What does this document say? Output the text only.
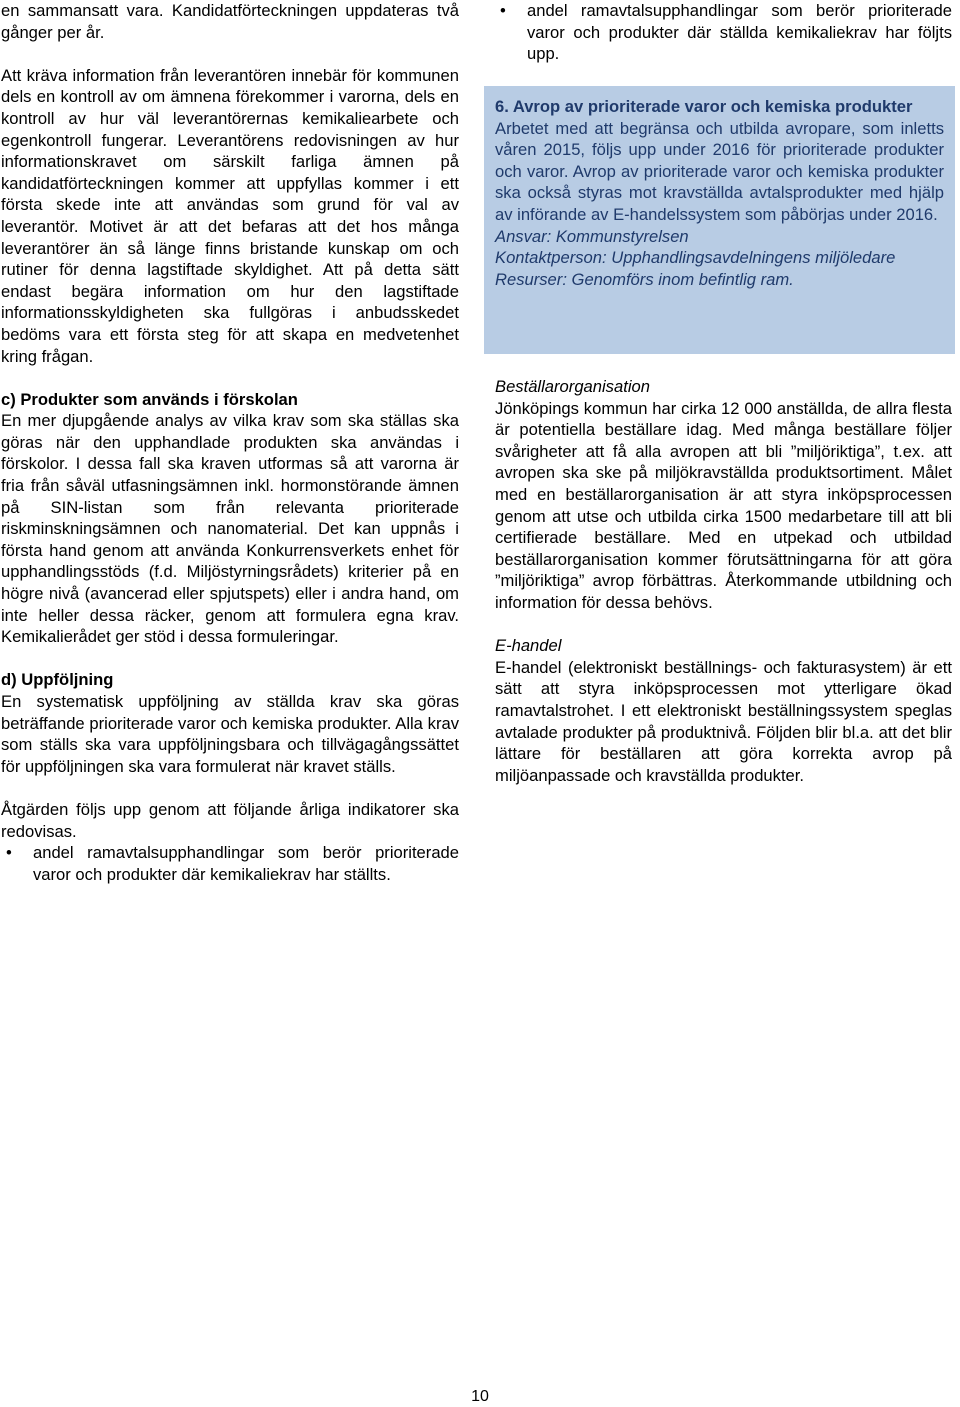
en sammansatt vara. Kandidatförteckningen uppdateras två gånger per år.

Att kräva information från leverantören innebär för kommunen dels en kontroll av om ämnena förekommer i varorna, dels en kontroll av hur väl leverantörernas kemikaliearbete och egenkontroll fungerar. Leverantörens redovisningen av hur informationskravet om särskilt farliga ämnen på kandidatförteckningen kommer att uppfyllas kommer i ett första skede inte att användas som grund för val av leverantör. Motivet är att det befaras att det hos många leverantörer än så länge finns bristande kunskap om och rutiner för denna lagstiftade skyldighet. Att på detta sätt endast begära information om hur den lagstiftade informationsskyldigheten ska fullgöras i anbudsskedet bedöms vara ett första steg för att skapa en medvetenhet kring frågan.

c) Produkter som används i förskolan

En mer djupgående analys av vilka krav som ska ställas ska göras när den upphandlade produkten ska användas i förskolor. I dessa fall ska kraven utformas så att varorna är fria från såväl utfasningsämnen inkl. hormonstörande ämnen på SIN-listan som från relevanta prioriterade riskminskningsämnen och nanomaterial. Det kan uppnås i första hand genom att använda Konkurrensverkets enhet för upphandlingsstöds (f.d. Miljöstyrningsrådets) kriterier på en högre nivå (avancerad eller spjutspets) eller i andra hand, om inte heller dessa räcker, genom att formulera egna krav. Kemikalierådet ger stöd i dessa formuleringar.

d) Uppföljning

En systematisk uppföljning av ställda krav ska göras beträffande prioriterade varor och kemiska produkter. Alla krav som ställs ska vara uppföljningsbara och tillvägagångssättet för uppföljningen ska vara formulerat när kravet ställs.

Åtgärden följs upp genom att följande årliga indikatorer ska redovisas.

• andel ramavtalsupphandlingar som berör prioriterade varor och produkter där kemikaliekrav har ställts.
• andel ramavtalsupphandlingar som berör prioriterade varor och produkter där ställda kemikaliekrav har följts upp.

6. Avrop av prioriterade varor och kemiska produkter

Arbetet med att begränsa och utbilda avropare, som inletts våren 2015, följs upp under 2016 för prioriterade produkter och varor. Avrop av prioriterade varor och kemiska produkter ska också styras mot kravställda avtalsprodukter med hjälp av införande av E-handelssystem som påbörjas under 2016.

Ansvar: Kommunstyrelsen

Kontaktperson: Upphandlingsavdelningens miljöledare

Resurser: Genomförs inom befintlig ram.

Beställarorganisation

Jönköpings kommun har cirka 12 000 anställda, de allra flesta är potentiella beställare idag. Med många beställare följer svårigheter att få alla avropen att bli ”miljöriktiga”, t.ex. att avropen ska ske på miljökravställda produktsortiment. Målet med en beställarorganisation är att styra inköpsprocessen genom att utse och utbilda cirka 1500 medarbetare till att bli certifierade beställare. Med en utpekad och utbildad beställarorganisation kommer förutsättningarna för att göra ”miljöriktiga” avrop förbättras. Återkommande utbildning och information för dessa behövs.

E-handel

E-handel (elektroniskt beställnings- och fakturasystem) är ett sätt att styra inköpsprocessen mot ytterligare ökad ramavtalstrohet. I ett elektroniskt beställningssystem speglas avtalade produkter på produktnivå. Följden blir bl.a. att det blir lättare för beställaren att göra korrekta avrop på miljöanpassade och kravställda produkter.

10
